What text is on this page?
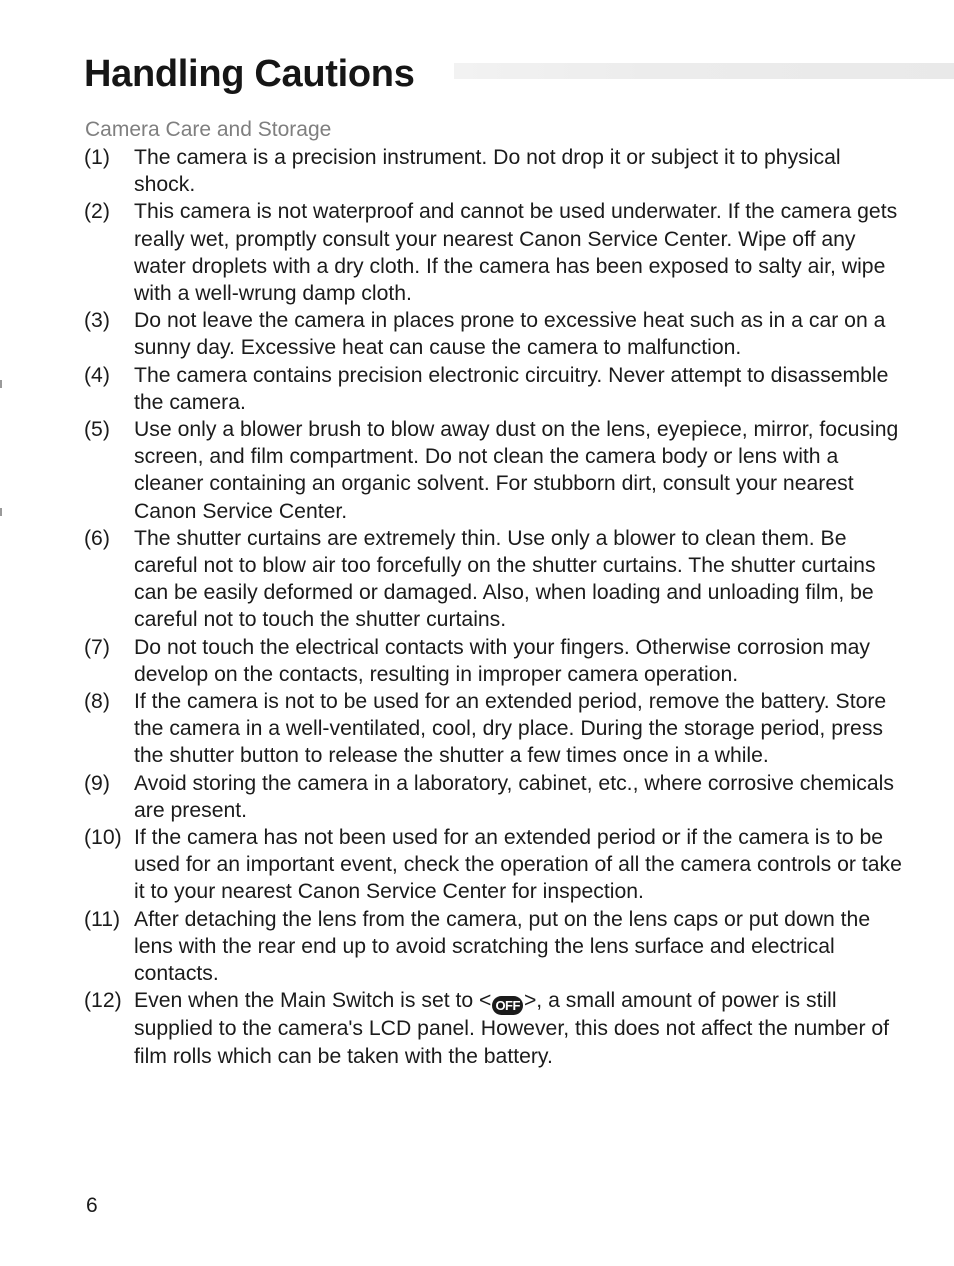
Handling Cautions
Camera Care and Storage
(1)	The camera is a precision instrument. Do not drop it or subject it to physical shock.
(2)	This camera is not waterproof and cannot be used underwater. If the camera gets really wet, promptly consult your nearest Canon Service Center. Wipe off any water droplets with a dry cloth. If the camera has been exposed to salty air, wipe with a well-wrung damp cloth.
(3)	Do not leave the camera in places prone to excessive heat such as in a car on a sunny day. Excessive heat can cause the camera to malfunction.
(4)	The camera contains precision electronic circuitry. Never attempt to disassemble the camera.
(5)	Use only a blower brush to blow away dust on the lens, eyepiece, mirror, focusing screen, and film compartment. Do not clean the camera body or lens with a cleaner containing an organic solvent. For stubborn dirt, consult your nearest Canon Service Center.
(6)	The shutter curtains are extremely thin. Use only a blower to clean them. Be careful not to blow air too forcefully on the shutter curtains. The shutter curtains can be easily deformed or damaged. Also, when loading and unloading film, be careful not to touch the shutter curtains.
(7)	Do not touch the electrical contacts with your fingers. Otherwise corrosion may develop on the contacts, resulting in improper camera operation.
(8)	If the camera is not to be used for an extended period, remove the battery. Store the camera in a well-ventilated, cool, dry place. During the storage period, press the shutter button to release the shutter a few times once in a while.
(9)	Avoid storing the camera in a laboratory, cabinet, etc., where corrosive chemicals are present.
(10) If the camera has not been used for an extended period or if the camera is to be used for an important event, check the operation of all the camera controls or take it to your nearest Canon Service Center for inspection.
(11) After detaching the lens from the camera, put on the lens caps or put down the lens with the rear end up to avoid scratching the lens surface and electrical contacts.
(12) Even when the Main Switch is set to < OFF >, a small amount of power is still supplied to the camera's LCD panel. However, this does not affect the number of film rolls which can be taken with the battery.
6
